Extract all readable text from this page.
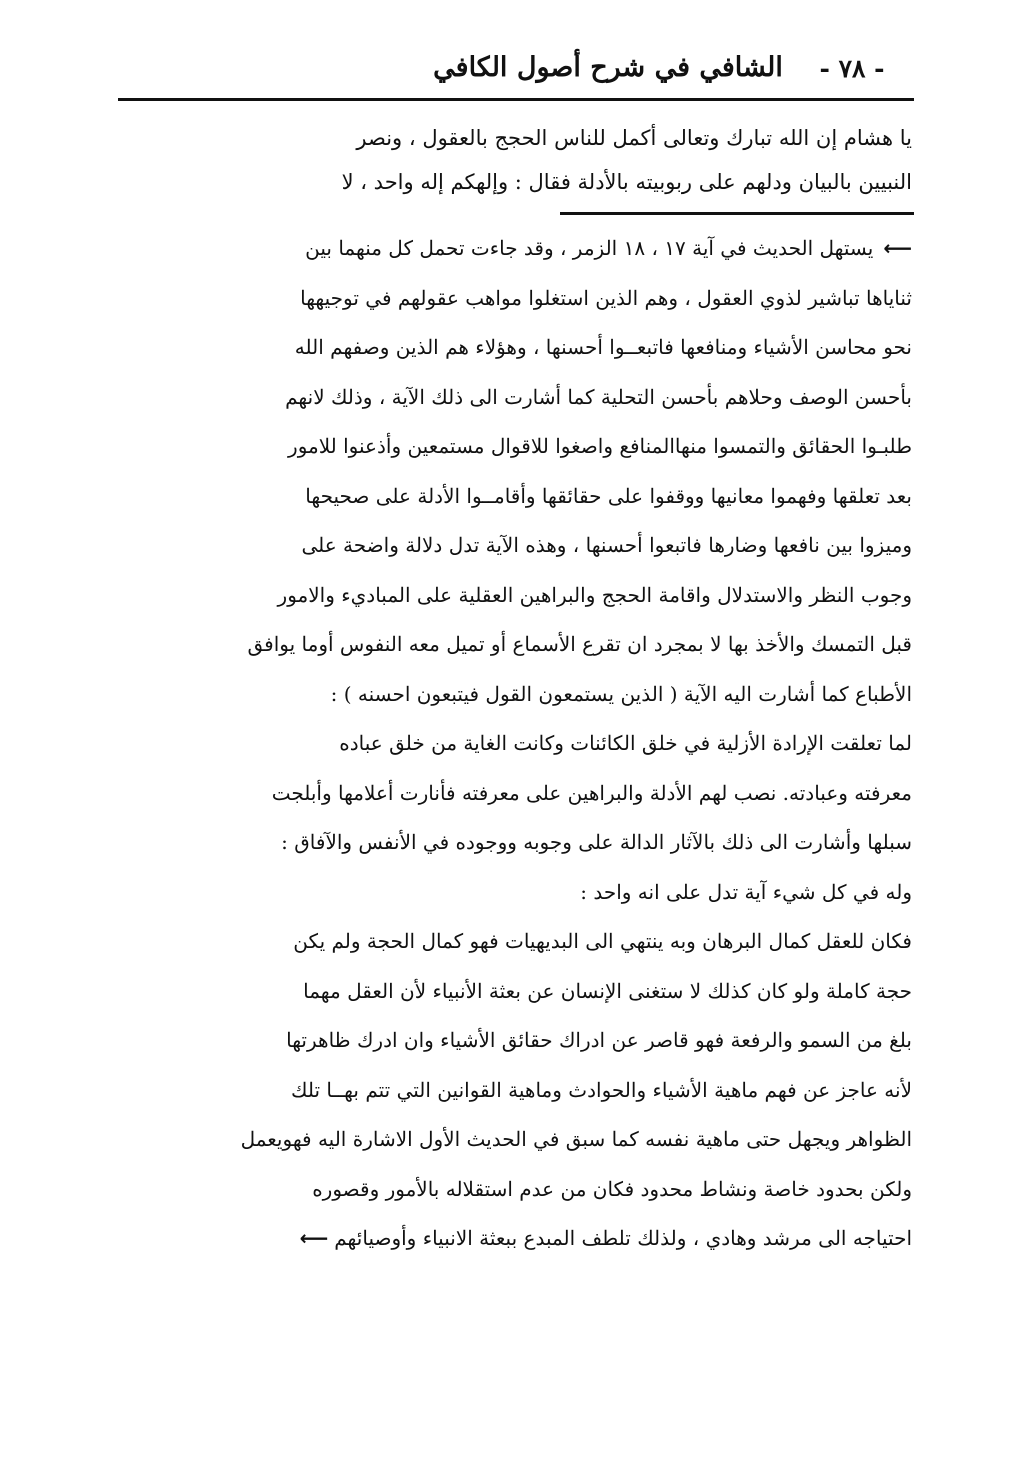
الشافي في شرح أصول الكافي	- ٧٨ -
يا هشام إن الله تبارك وتعالى أكمل للناس الحجج بالعقول ، ونصر
النبيين بالبيان ودلهم على ربوبيته بالأدلة فقال : وإلهكم إله واحد ، لا
⟵يستهل الحديث في آية ١٧ ، ١٨ الزمر ، وقد جاءت تحمل كل منهما بين
ثناياها تباشير لذوي العقول ، وهم الذين استغلوا مواهب عقولهم في توجيهها
نحو محاسن الأشياء ومنافعها فاتبعــوا أحسنها ، وهؤلاء هم الذين وصفهم الله
بأحسن الوصف وحلاهم بأحسن التحلية كما أشارت الى ذلك الآية ، وذلك لانهم
طلبـوا الحقائق والتمسوا منهاالمنافع واصغوا للاقوال مستمعين وأذعنوا للامور
بعد تعلقها وفهموا معانيها ووقفوا على حقائقها وأقامــوا الأدلة على صحيحها
وميزوا بين نافعها وضارها فاتبعوا أحسنها ، وهذه الآية تدل دلالة واضحة على
وجوب النظر والاستدلال واقامة الحجج والبراهين العقلية على المباديء والامور
قبل التمسك والأخذ بها لا بمجرد ان تقرع الأسماع أو تميل معه النفوس أوما يوافق
الأطباع كما أشارت اليه الآية ( الذين يستمعون القول فيتبعون احسنه ) :
لما تعلقت الإرادة الأزلية في خلق الكائنات وكانت الغاية من خلق عباده
معرفته وعبادته. نصب لهم الأدلة والبراهين على معرفته فأنارت أعلامها وأبلجت
سبلها وأشارت الى ذلك بالآثار الدالة على وجوبه ووجوده في الأنفس والآفاق :
وله في كل شيء آية تدل على انه واحد :
فكان للعقل كمال البرهان وبه ينتهي الى البديهيات فهو كمال الحجة ولم يكن
حجة كاملة ولو كان كذلك لا ستغنى الإنسان عن بعثة الأنبياء لأن العقل مهما
بلغ من السمو والرفعة فهو قاصر عن ادراك حقائق الأشياء وان ادرك ظاهرتها
لأنه عاجز عن فهم ماهية الأشياء والحوادث وماهية القوانين التي تتم بهــا تلك
الظواهر ويجهل حتى ماهية نفسه كما سبق في الحديث الأول الاشارة اليه فهويعمل
ولكن بحدود خاصة ونشاط محدود فكان من عدم استقلاله بالأمور وقصوره
احتياجه الى مرشد وهادي ، ولذلك تلطف المبدع ببعثة الانبياء وأوصيائهم⟵
